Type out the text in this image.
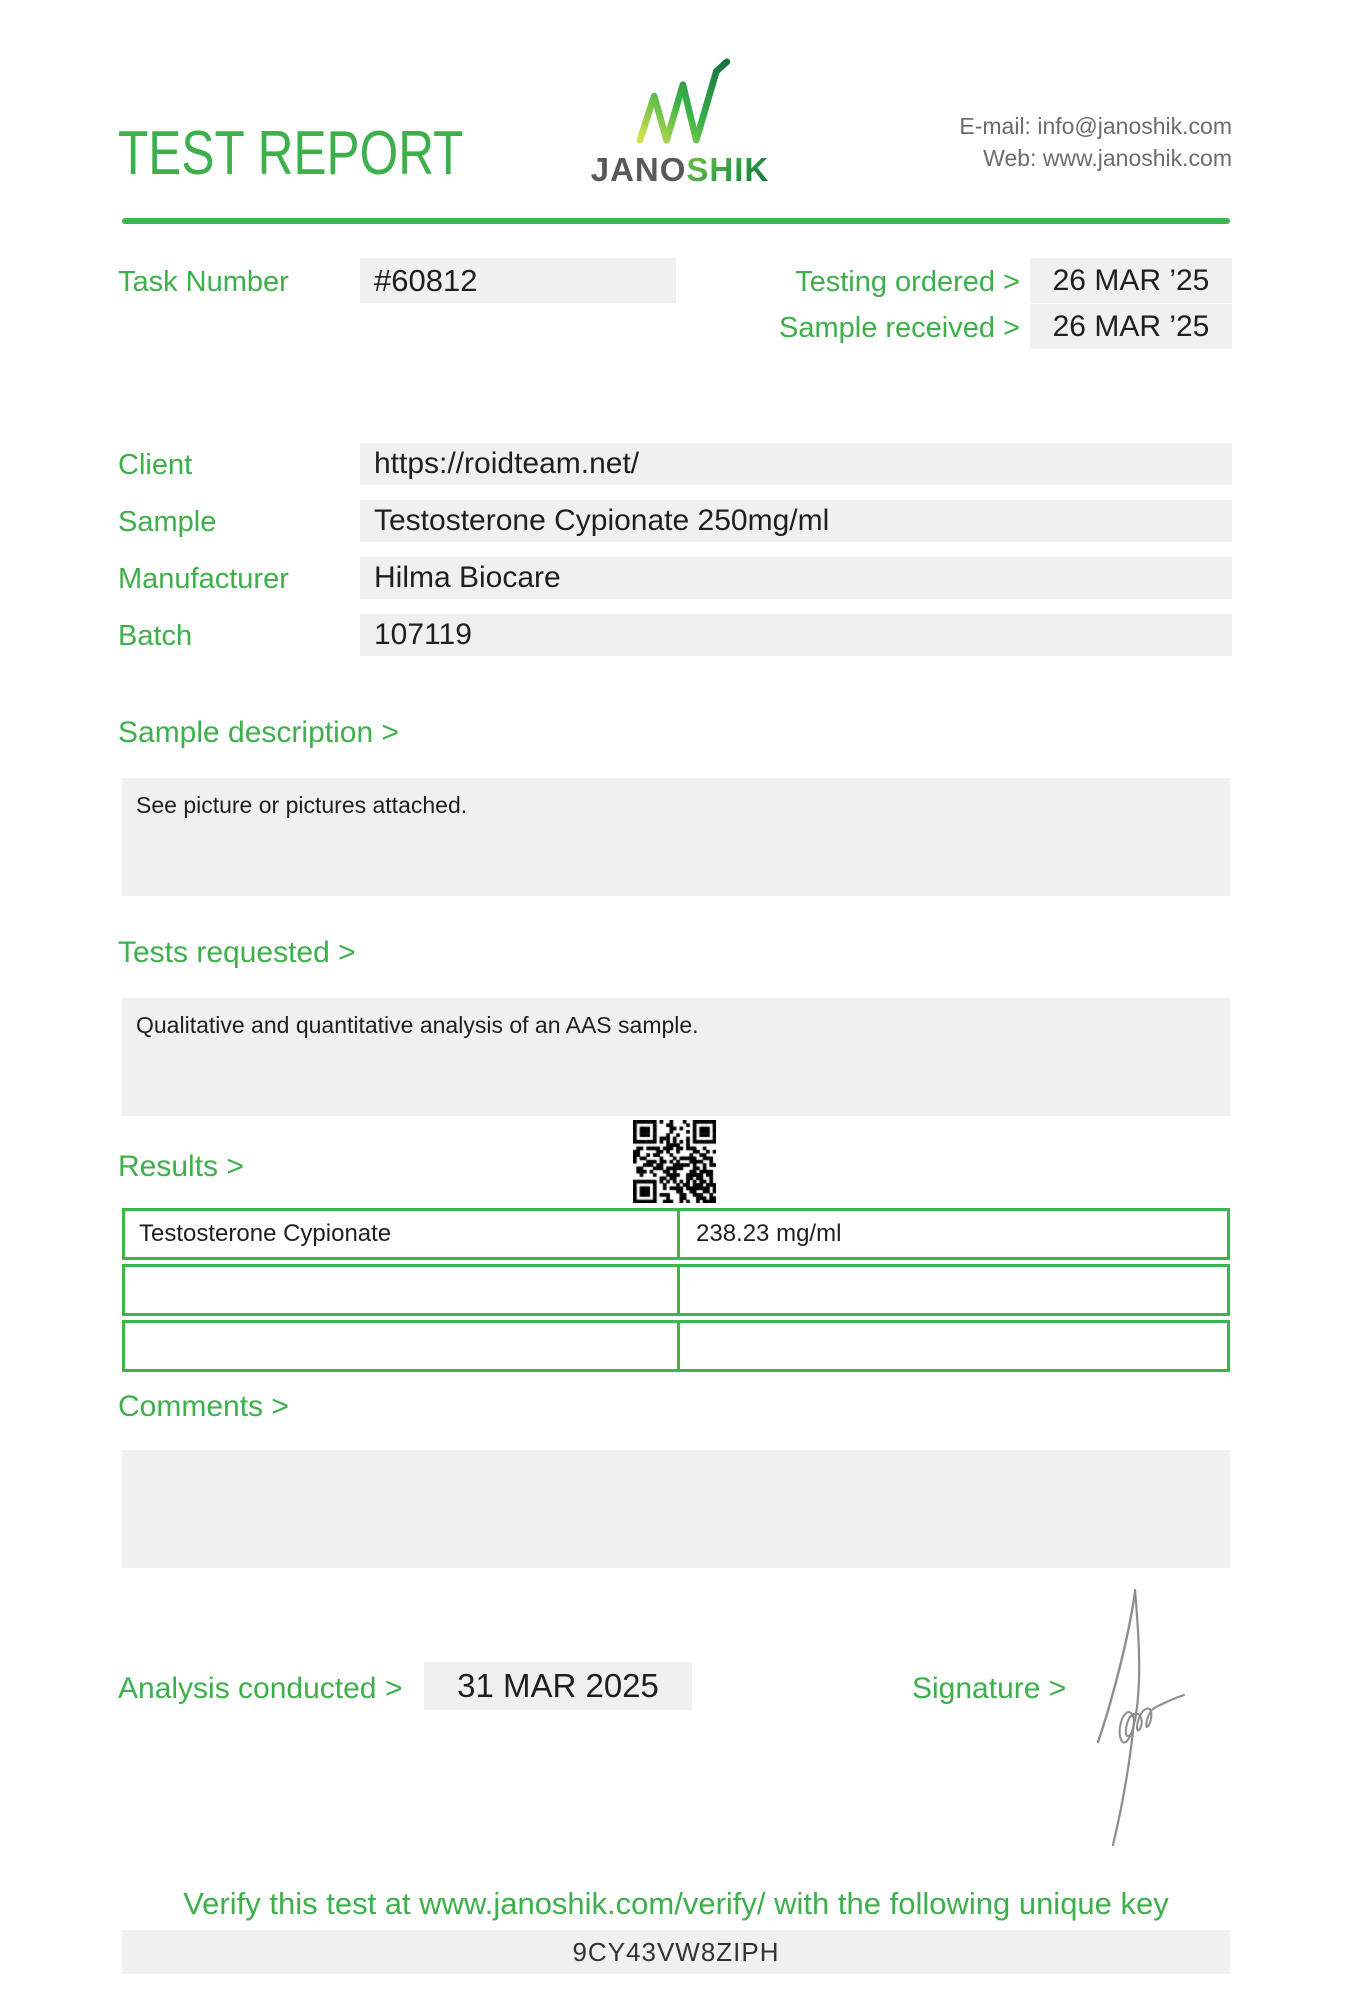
TEST REPORT	JANOSHIK
E-mail: info@janoshik.com
Web: www.janoshik.com
Task Number	#60812	Testing ordered >	26 MAR ’25
Sample received >	26 MAR ’25
Client	https://roidteam.net/
Sample	Testosterone Cypionate 250mg/ml
Manufacturer	Hilma Biocare
Batch	107119
Sample description >
See picture or pictures attached.
Tests requested >
Qualitative and quantitative analysis of an AAS sample.
Results >
Testosterone Cypionate	238.23 mg/ml
Comments >
Analysis conducted >	31 MAR 2025	Signature >
Verify this test at www.janoshik.com/verify/ with the following unique key
9CY43VW8ZIPH
